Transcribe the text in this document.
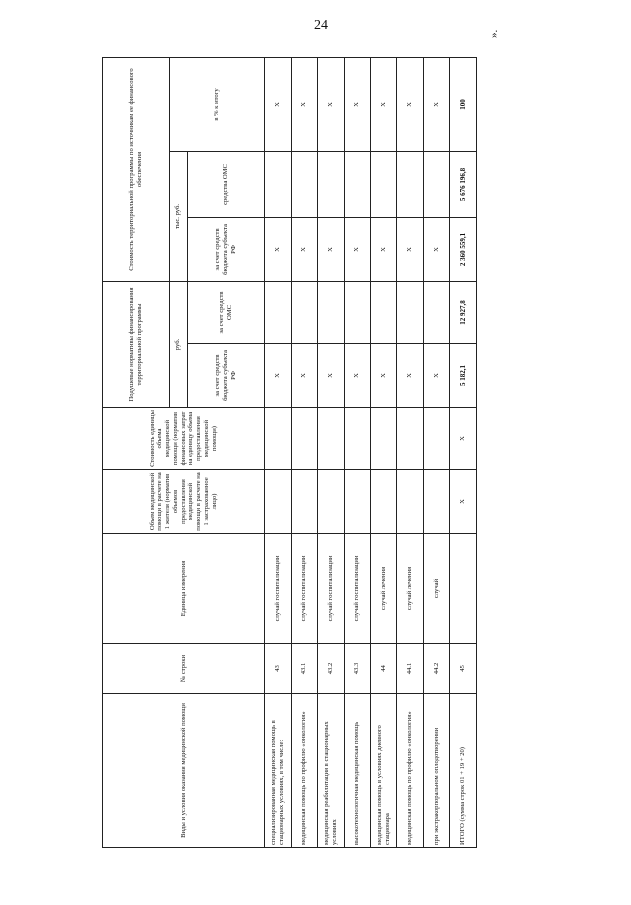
24
».
Виды и условия оказания медицинской помощи	№ строки	Единица измерения	Объем медицинской помощи в расчете на 1 жителя (норматив объемов предоставления медицинской помощи в расчете на 1 застрахованное лицо)	Стоимость единицы объема медицинской помощи (норматив финансовых затрат на единицу объема предоставления медицинской помощи)	Подушевые нормативы финансирования территориальной программы		Стоимость территориальной программы по источникам ее финансового обеспечения		
					руб.		тыс. руб.		в % к итогу
					за счет средств бюджета субъекта РФ	за счет средств ОМС	за счет средств бюджета субъекта РФ	средства ОМС	
специализированная медицинская помощь в стационарных условиях, в том числе:	43	случай госпитализации			X		X		X
медицинская помощь по профилю «онкология»	43.1	случай госпитализации			X		X		X
медицинская реабилитация в стационарных условиях	43.2	случай госпитализации			X		X		X
высокотехнологичная медицинская помощь	43.3	случай госпитализации			X		X		X
медицинская помощь в условиях дневного стационара	44	случай лечения			X		X		X
медицинская помощь по профилю «онкология»	44.1	случай лечения			X		X		X
при экстракорпоральном оплодотворении	44.2	случай			X		X		X
ИТОГО (сумма строк 01 + 19 + 20)	45		X	X	5 182,1	12 927,8	2 360 559,1	5 676 196,8	100
